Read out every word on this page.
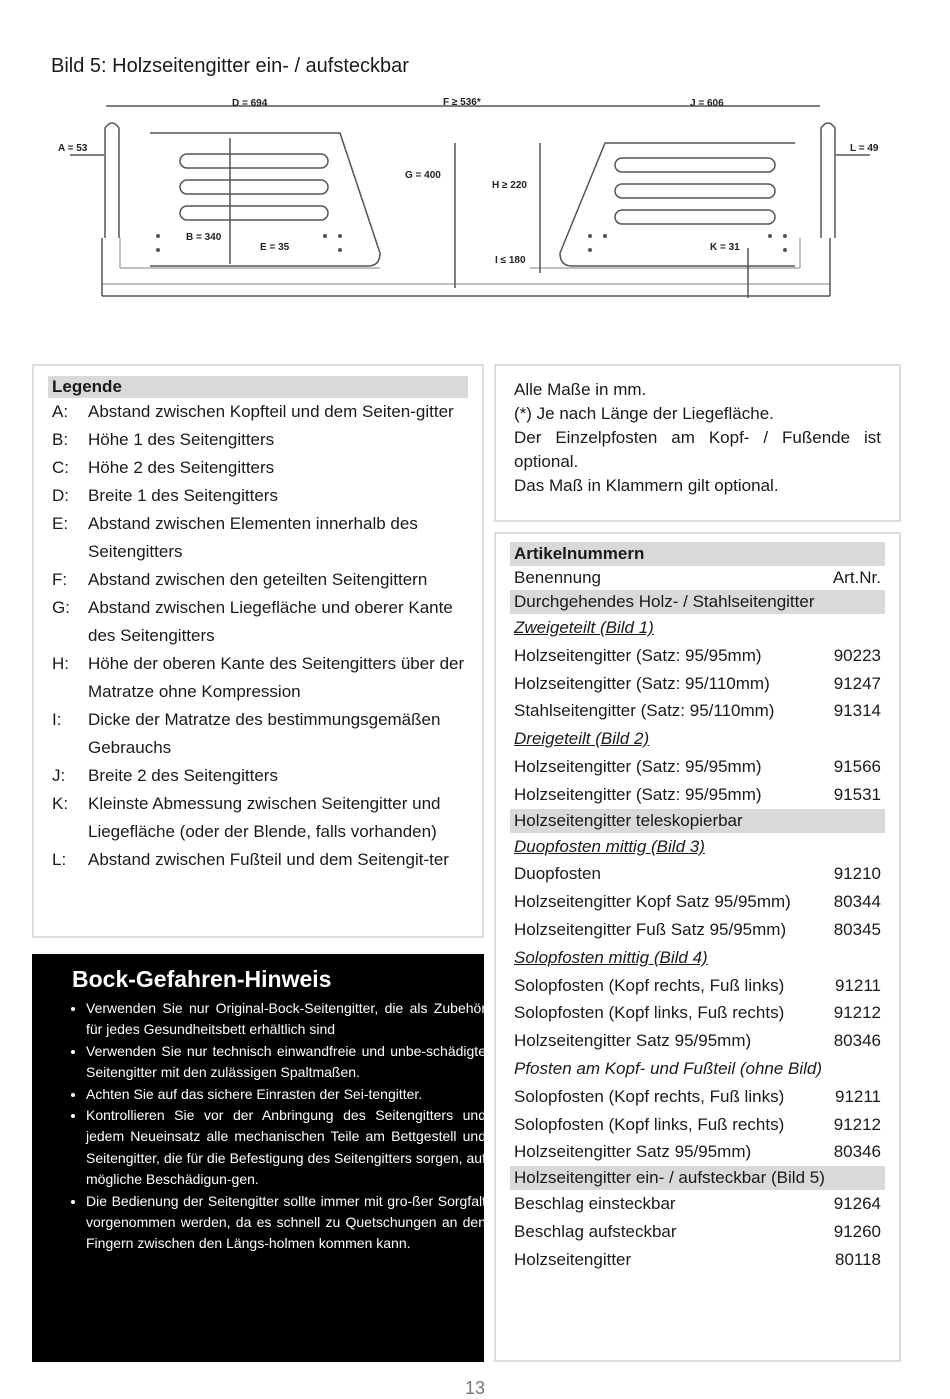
Bild 5: Holzseitengitter ein- / aufsteckbar
A = 53
B = 340
D = 694
E = 35
F ≥ 536*
G = 400
H ≥ 220
I ≤ 180
J = 606
K = 31
L = 49
Legende
A:	Abstand zwischen Kopfteil und dem Seiten-gitter
B:	Höhe 1 des Seitengitters
C:	Höhe 2 des Seitengitters
D:	Breite 1 des Seitengitters
E:	Abstand zwischen Elementen innerhalb des Seitengitters
F:	Abstand zwischen den geteilten Seitengittern
G:	Abstand zwischen Liegefläche und oberer Kante des Seitengitters
H:	Höhe der oberen Kante des Seitengitters über der Matratze ohne Kompression
I:	Dicke der Matratze des bestimmungsgemäßen Gebrauchs
J:	Breite 2 des Seitengitters
K:	Kleinste Abmessung zwischen Seitengitter und Liegefläche (oder der Blende, falls vorhanden)
L:	Abstand zwischen Fußteil und dem Seitengit-ter
Alle Maße in mm.
(*) Je nach Länge der Liegefläche.
Der Einzelpfosten am Kopf- / Fußende ist optional.
Das Maß in Klammern gilt optional.
Bock-Gefahren-Hinweis
• Verwenden Sie nur Original-Bock-Seitengitter, die als Zubehör für jedes Gesundheitsbett erhältlich sind
• Verwenden Sie nur technisch einwandfreie und unbe-schädigte Seitengitter mit den zulässigen Spaltmaßen.
• Achten Sie auf das sichere Einrasten der Sei-tengitter.
• Kontrollieren Sie vor der Anbringung des Seitengitters und jedem Neueinsatz alle mechanischen Teile am Bettgestell und Seitengitter, die für die Befestigung des Seitengitters sorgen, auf mögliche Beschädigun-gen.
• Die Bedienung der Seitengitter sollte immer mit gro-ßer Sorgfalt vorgenommen werden, da es schnell zu Quetschungen an den Fingern zwischen den Längs-holmen kommen kann.
Artikelnummern
Benennung	Art.Nr.
Durchgehendes Holz- / Stahlseitengitter
Zweigeteilt (Bild 1)
Holzseitengitter (Satz: 95/95mm)	90223
Holzseitengitter (Satz: 95/110mm)	91247
Stahlseitengitter (Satz: 95/110mm)	91314
Dreigeteilt (Bild 2)
Holzseitengitter (Satz: 95/95mm)	91566
Holzseitengitter (Satz: 95/95mm)	91531
Holzseitengitter teleskopierbar
Duopfosten mittig (Bild 3)
Duopfosten	91210
Holzseitengitter Kopf Satz 95/95mm)	80344
Holzseitengitter Fuß Satz 95/95mm)	80345
Solopfosten mittig (Bild 4)
Solopfosten (Kopf rechts, Fuß links)	91211
Solopfosten (Kopf links, Fuß rechts)	91212
Holzseitengitter Satz 95/95mm)	80346
Pfosten am Kopf- und Fußteil (ohne Bild)
Solopfosten (Kopf rechts, Fuß links)	91211
Solopfosten (Kopf links, Fuß rechts)	91212
Holzseitengitter Satz 95/95mm)	80346
Holzseitengitter ein- / aufsteckbar (Bild 5)
Beschlag einsteckbar	91264
Beschlag aufsteckbar	91260
Holzseitengitter	80118
13
